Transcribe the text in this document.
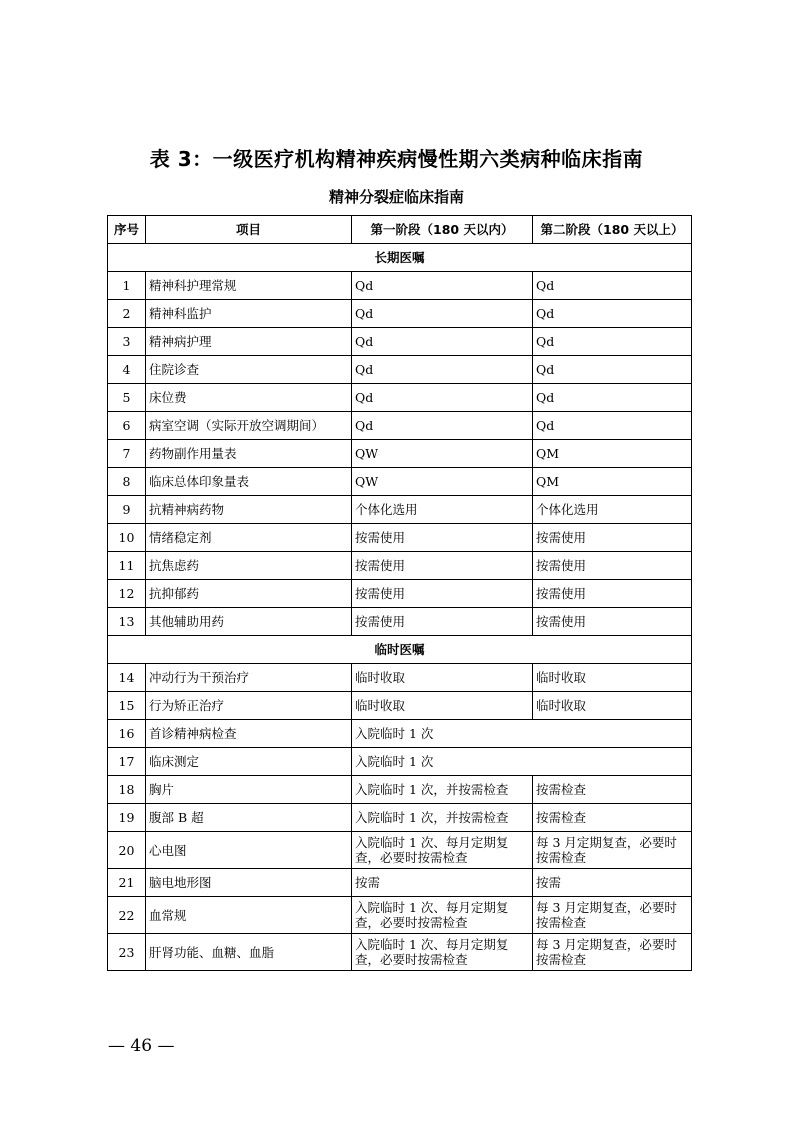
表 3：一级医疗机构精神疾病慢性期六类病种临床指南
精神分裂症临床指南
序号	项目	第一阶段（180 天以内）	第二阶段（180 天以上）
长期医嘱			
1	精神科护理常规	Qd	Qd
2	精神科监护	Qd	Qd
3	精神病护理	Qd	Qd
4	住院诊查	Qd	Qd
5	床位费	Qd	Qd
6	病室空调（实际开放空调期间）	Qd	Qd
7	药物副作用量表	QW	QM
8	临床总体印象量表	QW	QM
9	抗精神病药物	个体化选用	个体化选用
10	情绪稳定剂	按需使用	按需使用
11	抗焦虑药	按需使用	按需使用
12	抗抑郁药	按需使用	按需使用
13	其他辅助用药	按需使用	按需使用
临时医嘱			
14	冲动行为干预治疗	临时收取	临时收取
15	行为矫正治疗	临时收取	临时收取
16	首诊精神病检查	入院临时 1 次	
17	临床测定	入院临时 1 次	
18	胸片	入院临时 1 次，并按需检查	按需检查
19	腹部 B 超	入院临时 1 次，并按需检查	按需检查
20	心电图	入院临时 1 次、每月定期复查，必要时按需检查	每 3 月定期复查，必要时按需检查
21	脑电地形图	按需	按需
22	血常规	入院临时 1 次、每月定期复查，必要时按需检查	每 3 月定期复查，必要时按需检查
23	肝肾功能、血糖、血脂	入院临时 1 次、每月定期复查，必要时按需检查	每 3 月定期复查，必要时按需检查
— 46 —
